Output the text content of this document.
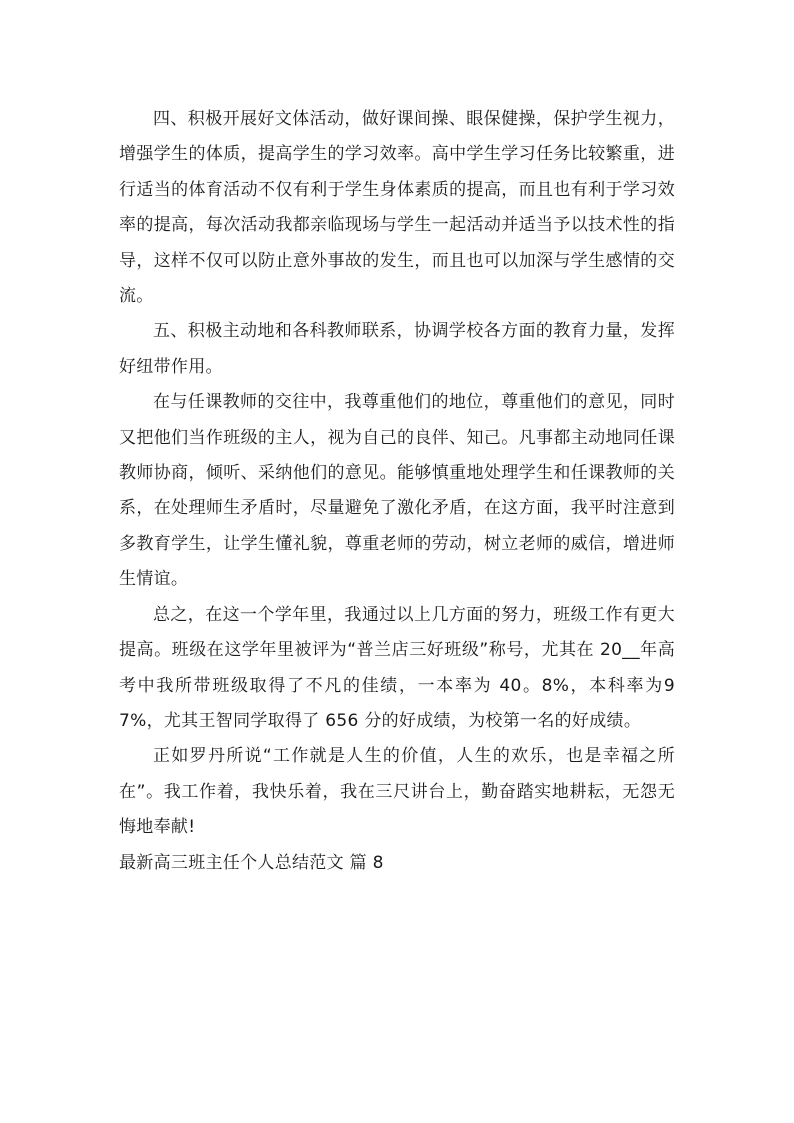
四、积极开展好文体活动，做好课间操、眼保健操，保护学生视力，增强学生的体质，提高学生的学习效率。高中学生学习任务比较繁重，进行适当的体育活动不仅有利于学生身体素质的提高，而且也有利于学习效率的提高，每次活动我都亲临现场与学生一起活动并适当予以技术性的指导，这样不仅可以防止意外事故的发生，而且也可以加深与学生感情的交流。

五、积极主动地和各科教师联系，协调学校各方面的教育力量，发挥好纽带作用。

在与任课教师的交往中，我尊重他们的地位，尊重他们的意见，同时又把他们当作班级的主人，视为自己的良伴、知己。凡事都主动地同任课教师协商，倾听、采纳他们的意见。能够慎重地处理学生和任课教师的关系，在处理师生矛盾时，尽量避免了激化矛盾，在这方面，我平时注意到多教育学生，让学生懂礼貌，尊重老师的劳动，树立老师的威信，增进师生情谊。

总之，在这一个学年里，我通过以上几方面的努力，班级工作有更大提高。班级在这学年里被评为“普兰店三好班级”称号，尤其在 20__年高考中我所带班级取得了不凡的佳绩，一本率为 40。8%，本科率为97%，尤其王智同学取得了 656 分的好成绩，为校第一名的好成绩。

正如罗丹所说“工作就是人生的价值，人生的欢乐，也是幸福之所在”。我工作着，我快乐着，我在三尺讲台上，勤奋踏实地耕耘，无怨无悔地奉献!

最新高三班主任个人总结范文 篇 8
